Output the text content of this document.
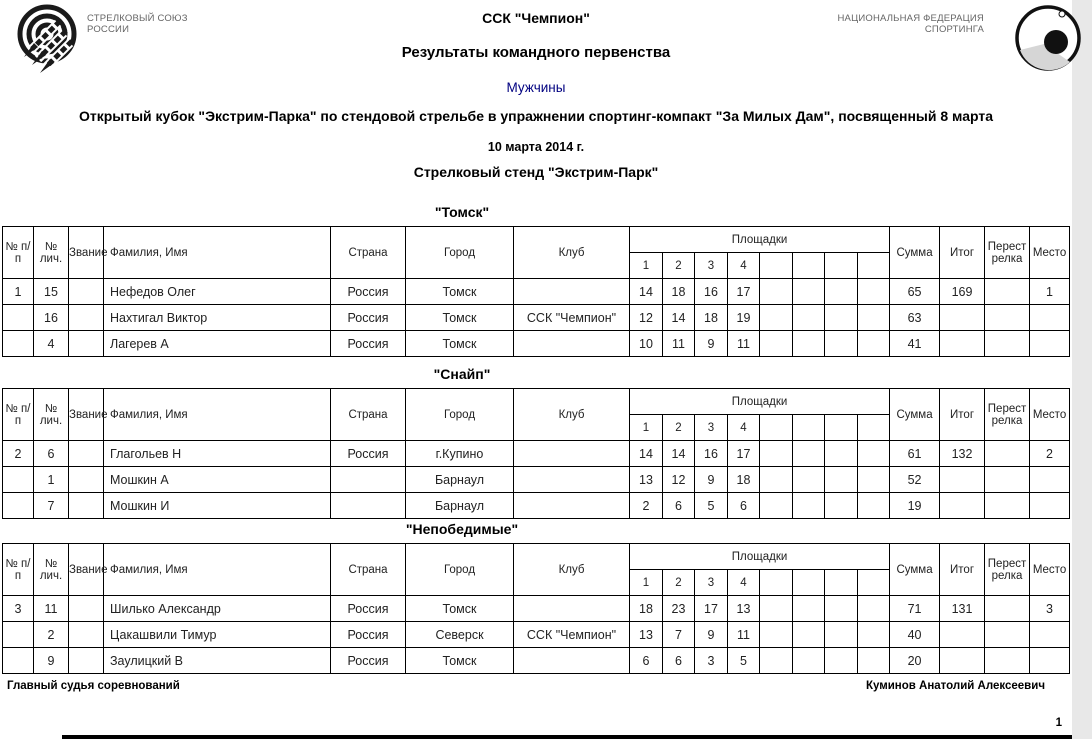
СТРЕЛКОВЫЙ СОЮЗ
РОССИИ
НАЦИОНАЛЬНАЯ ФЕДЕРАЦИЯ
СПОРТИНГА
ССК "Чемпион"
Результаты командного первенства
Мужчины
Открытый кубок "Экстрим-Парка" по стендовой стрельбе в упражнении спортинг-компакт "За Милых Дам", посвященный 8 марта
10 марта 2014 г.
Стрелковый стенд "Экстрим-Парк"
"Томск"
№ п/п	№ лич.	Звание	Фамилия, Имя	Страна	Город	Клуб	Площадки								Сумма	Итог	Перест релка	Место
							1	2	3	4								
1	15		Нефедов Олег	Россия	Томск		14	18	16	17					65	169		1
	16		Нахтигал Виктор	Россия	Томск	ССК "Чемпион"	12	14	18	19					63			
	4		Лагерев А	Россия	Томск		10	11	9	11					41			
"Снайп"
№ п/п	№ лич.	Звание	Фамилия, Имя	Страна	Город	Клуб	Площадки								Сумма	Итог	Перест релка	Место
							1	2	3	4								
2	6		Глагольев Н	Россия	г.Купино		14	14	16	17					61	132		2
	1		Мошкин А		Барнаул		13	12	9	18					52			
	7		Мошкин И		Барнаул		2	6	5	6					19			
"Непобедимые"
№ п/п	№ лич.	Звание	Фамилия, Имя	Страна	Город	Клуб	Площадки								Сумма	Итог	Перест релка	Место
							1	2	3	4								
3	11		Шилько Александр	Россия	Томск		18	23	17	13					71	131		3
	2		Цакашвили Тимур	Россия	Северск	ССК "Чемпион"	13	7	9	11					40			
	9		Заулицкий В	Россия	Томск		6	6	3	5					20			
Главный судья соревнований	Куминов Анатолий Алексеевич
1
